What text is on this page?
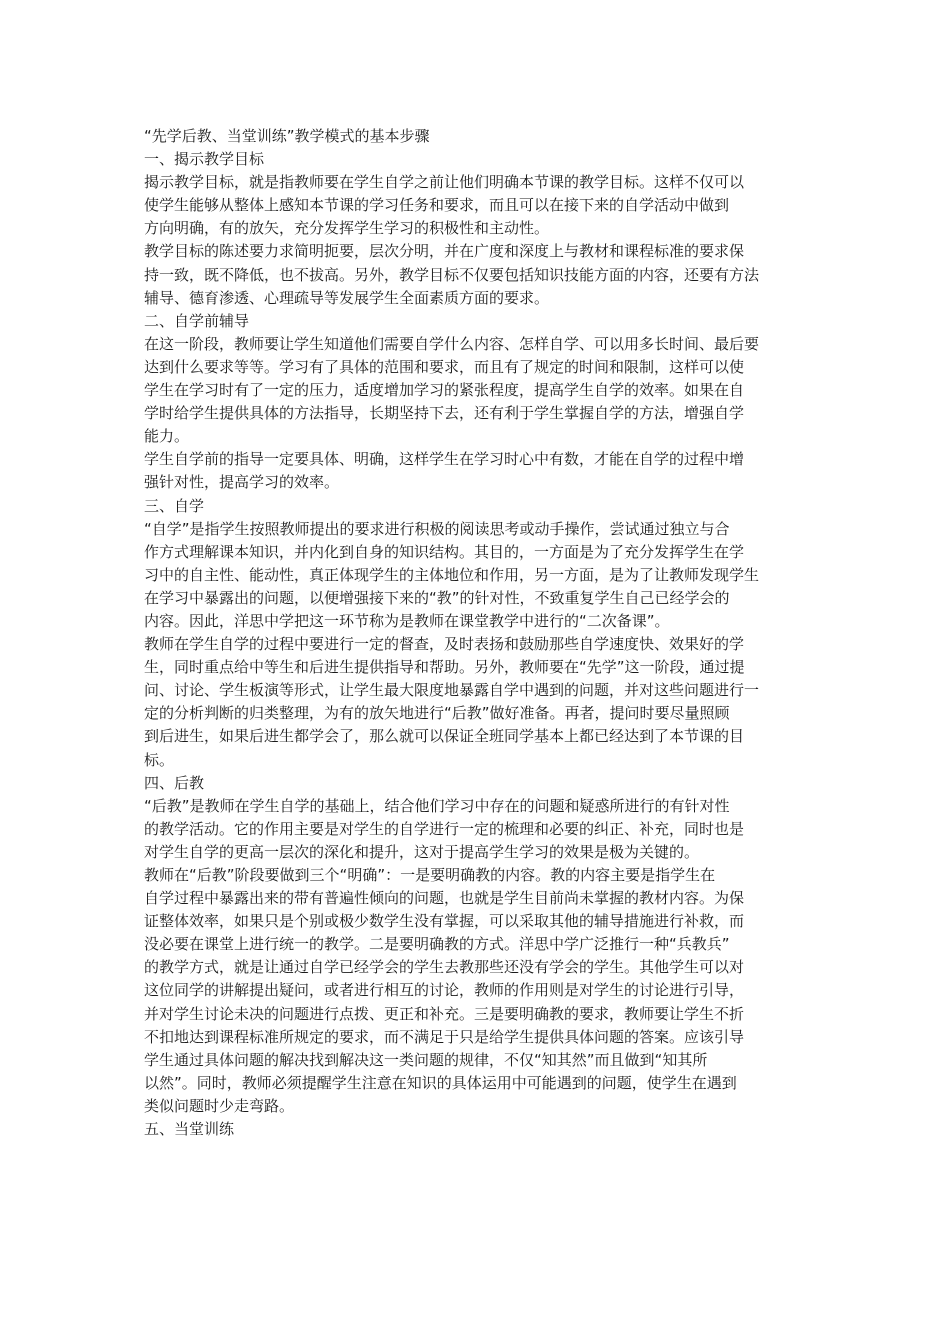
“先学后教、当堂训练”教学模式的基本步骤
一、揭示教学目标
揭示教学目标，就是指教师要在学生自学之前让他们明确本节课的教学目标。这样不仅可以
使学生能够从整体上感知本节课的学习任务和要求，而且可以在接下来的自学活动中做到
方向明确，有的放矢，充分发挥学生学习的积极性和主动性。
教学目标的陈述要力求简明扼要，层次分明，并在广度和深度上与教材和课程标准的要求保
持一致，既不降低，也不拔高。另外，教学目标不仅要包括知识技能方面的内容，还要有方法
辅导、德育渗透、心理疏导等发展学生全面素质方面的要求。
二、自学前辅导
在这一阶段，教师要让学生知道他们需要自学什么内容、怎样自学、可以用多长时间、最后要
达到什么要求等等。学习有了具体的范围和要求，而且有了规定的时间和限制，这样可以使
学生在学习时有了一定的压力，适度增加学习的紧张程度，提高学生自学的效率。如果在自
学时给学生提供具体的方法指导，长期坚持下去，还有利于学生掌握自学的方法，增强自学
能力。
学生自学前的指导一定要具体、明确，这样学生在学习时心中有数，才能在自学的过程中增
强针对性，提高学习的效率。
三、自学
“自学”是指学生按照教师提出的要求进行积极的阅读思考或动手操作，尝试通过独立与合
作方式理解课本知识，并内化到自身的知识结构。其目的，一方面是为了充分发挥学生在学
习中的自主性、能动性，真正体现学生的主体地位和作用，另一方面，是为了让教师发现学生
在学习中暴露出的问题，以便增强接下来的“教”的针对性，不致重复学生自己已经学会的
内容。因此，洋思中学把这一环节称为是教师在课堂教学中进行的“二次备课”。
教师在学生自学的过程中要进行一定的督查，及时表扬和鼓励那些自学速度快、效果好的学
生，同时重点给中等生和后进生提供指导和帮助。另外，教师要在“先学”这一阶段，通过提
问、讨论、学生板演等形式，让学生最大限度地暴露自学中遇到的问题，并对这些问题进行一
定的分析判断的归类整理，为有的放矢地进行“后教”做好准备。再者，提问时要尽量照顾
到后进生，如果后进生都学会了，那么就可以保证全班同学基本上都已经达到了本节课的目
标。
四、后教
“后教”是教师在学生自学的基础上，结合他们学习中存在的问题和疑惑所进行的有针对性
的教学活动。它的作用主要是对学生的自学进行一定的梳理和必要的纠正、补充，同时也是
对学生自学的更高一层次的深化和提升，这对于提高学生学习的效果是极为关键的。
教师在“后教”阶段要做到三个“明确”：一是要明确教的内容。教的内容主要是指学生在
自学过程中暴露出来的带有普遍性倾向的问题，也就是学生目前尚未掌握的教材内容。为保
证整体效率，如果只是个别或极少数学生没有掌握，可以采取其他的辅导措施进行补救，而
没必要在课堂上进行统一的教学。二是要明确教的方式。洋思中学广泛推行一种“兵教兵”
的教学方式，就是让通过自学已经学会的学生去教那些还没有学会的学生。其他学生可以对
这位同学的讲解提出疑问，或者进行相互的讨论，教师的作用则是对学生的讨论进行引导，
并对学生讨论未决的问题进行点拨、更正和补充。三是要明确教的要求，教师要让学生不折
不扣地达到课程标准所规定的要求，而不满足于只是给学生提供具体问题的答案。应该引导
学生通过具体问题的解决找到解决这一类问题的规律，不仅“知其然”而且做到“知其所
以然”。同时，教师必须提醒学生注意在知识的具体运用中可能遇到的问题，使学生在遇到
类似问题时少走弯路。
五、当堂训练
